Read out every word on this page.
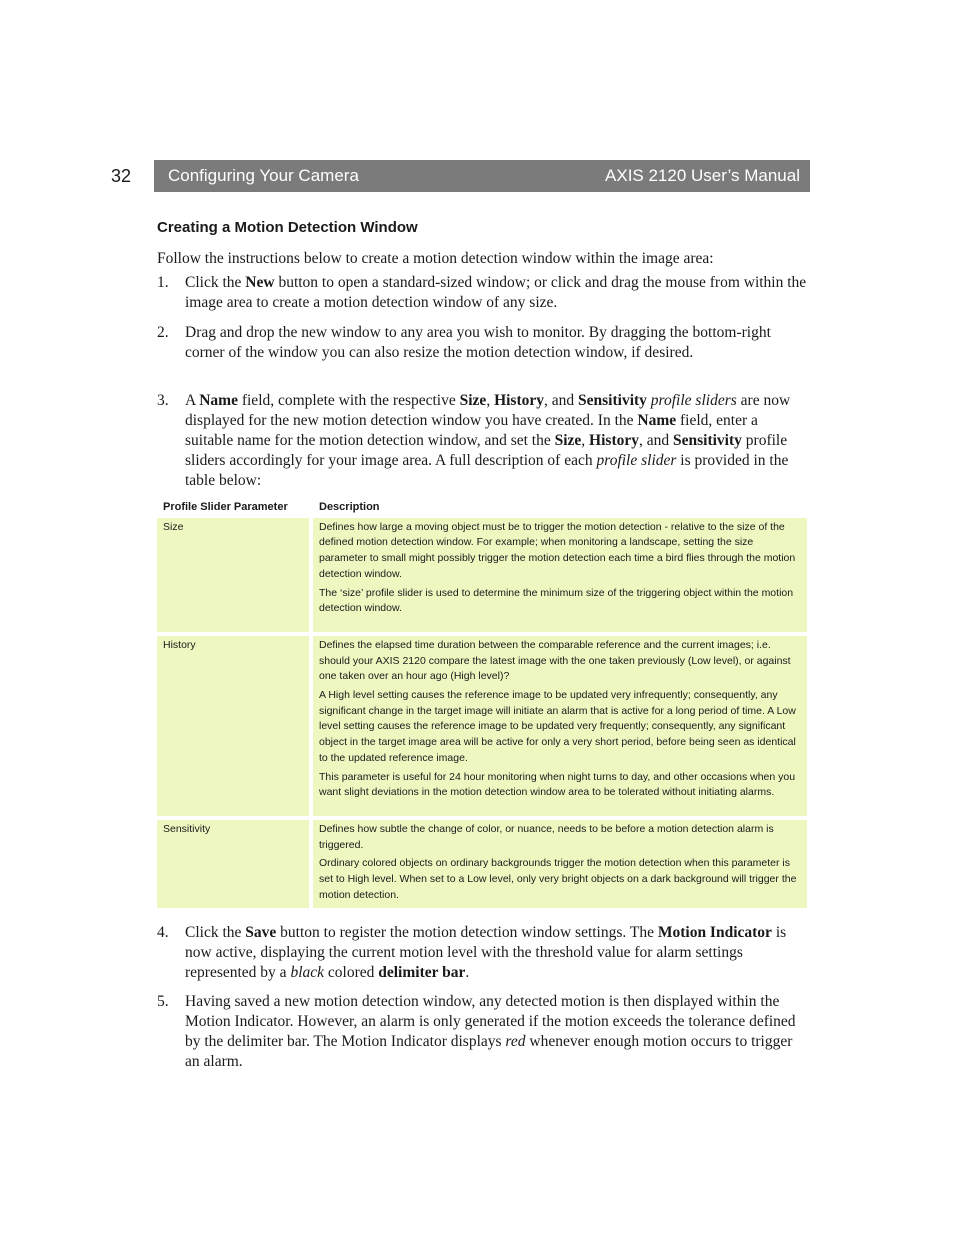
32 Configuring Your Camera	AXIS 2120 User’s Manual
Creating a Motion Detection Window
Follow the instructions below to create a motion detection window within the image area:
1. Click the New button to open a standard-sized window; or click and drag the mouse from within the image area to create a motion detection window of any size.
2. Drag and drop the new window to any area you wish to monitor. By dragging the bottom-right corner of the window you can also resize the motion detection window, if desired.
3. A Name field, complete with the respective Size, History, and Sensitivity profile sliders are now displayed for the new motion detection window you have created. In the Name field, enter a suitable name for the motion detection window, and set the Size, History, and Sensitivity profile sliders accordingly for your image area. A full description of each profile slider is provided in the table below:
Profile Slider Parameter	Description
Size	Defines how large a moving object must be to trigger the motion detection - relative to the size of the defined motion detection window. For example; when monitoring a landscape, setting the size parameter to small might possibly trigger the motion detection each time a bird flies through the motion detection window.

The ‘size’ profile slider is used to determine the minimum size of the triggering object within the motion detection window.

History	Defines the elapsed time duration between the comparable reference and the current images; i.e. should your AXIS 2120 compare the latest image with the one taken previously (Low level), or against one taken over an hour ago (High level)?

A High level setting causes the reference image to be updated very infrequently; consequently, any significant change in the target image will initiate an alarm that is active for a long period of time. A Low level setting causes the reference image to be updated very frequently; consequently, any significant object in the target image area will be active for only a very short period, before being seen as identical to the updated reference image.

This parameter is useful for 24 hour monitoring when night turns to day, and other occasions when you want slight deviations in the motion detection window area to be tolerated without initiating alarms.

Sensitivity	Defines how subtle the change of color, or nuance, needs to be before a motion detection alarm is triggered.

Ordinary colored objects on ordinary backgrounds trigger the motion detection when this parameter is set to High level. When set to a Low level, only very bright objects on a dark background will trigger the motion detection.

4. Click the Save button to register the motion detection window settings. The Motion Indicator is now active, displaying the current motion level with the threshold value for alarm settings represented by a black colored delimiter bar.
5. Having saved a new motion detection window, any detected motion is then displayed within the Motion Indicator. However, an alarm is only generated if the motion exceeds the tolerance defined by the delimiter bar. The Motion Indicator displays red whenever enough motion occurs to trigger an alarm.
